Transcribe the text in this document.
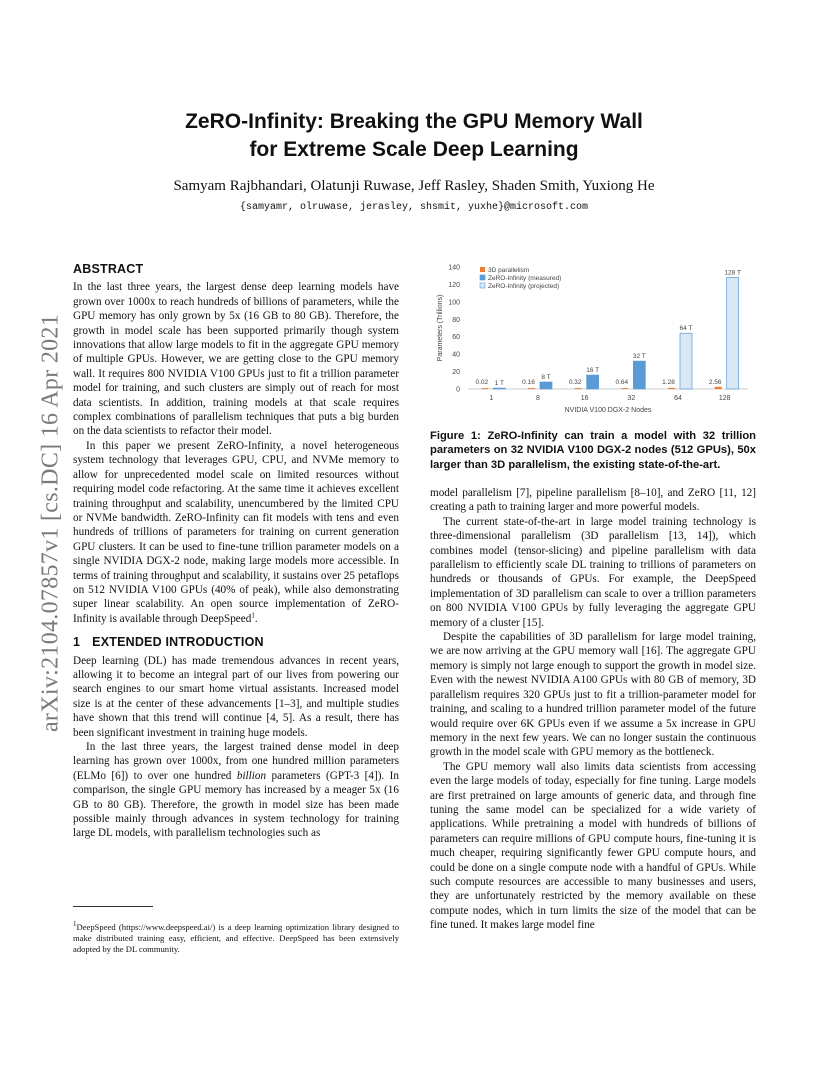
ZeRO-Infinity: Breaking the GPU Memory Wall
for Extreme Scale Deep Learning
Samyam Rajbhandari, Olatunji Ruwase, Jeff Rasley, Shaden Smith, Yuxiong He
{samyamr, olruwase, jerasley, shsmit, yuxhe}@microsoft.com
arXiv:2104.07857v1 [cs.DC] 16 Apr 2021
ABSTRACT

In the last three years, the largest dense deep learning models have grown over 1000x to reach hundreds of billions of parameters, while the GPU memory has only grown by 5x (16 GB to 80 GB). Therefore, the growth in model scale has been supported primarily though system innovations that allow large models to fit in the aggregate GPU memory of multiple GPUs. However, we are getting close to the GPU memory wall. It requires 800 NVIDIA V100 GPUs just to fit a trillion parameter model for training, and such clusters are simply out of reach for most data scientists. In addition, training models at that scale requires complex combinations of parallelism techniques that puts a big burden on the data scientists to refactor their model.

In this paper we present ZeRO-Infinity, a novel heterogeneous system technology that leverages GPU, CPU, and NVMe memory to allow for unprecedented model scale on limited resources without requiring model code refactoring. At the same time it achieves excellent training throughput and scalability, unencumbered by the limited CPU or NVMe bandwidth. ZeRO-Infinity can fit models with tens and even hundreds of trillions of parameters for training on current generation GPU clusters. It can be used to fine-tune trillion parameter models on a single NVIDIA DGX-2 node, making large models more accessible. In terms of training throughput and scalability, it sustains over 25 petaflops on 512 NVIDIA V100 GPUs (40% of peak), while also demonstrating super linear scalability. An open source implementation of ZeRO-Infinity is available through DeepSpeed$^1$.

1 EXTENDED INTRODUCTION

Deep learning (DL) has made tremendous advances in recent years, allowing it to become an integral part of our lives from powering our search engines to our smart home virtual assistants. Increased model size is at the center of these advancements [1–3], and multiple studies have shown that this trend will continue [4, 5]. As a result, there has been significant investment in training huge models.

In the last three years, the largest trained dense model in deep learning has grown over 1000x, from one hundred million parameters (ELMo [6]) to over one hundred billion parameters (GPT-3 [4]). In comparison, the single GPU memory has increased by a meager 5x (16 GB to 80 GB). Therefore, the growth in model size has been made possible mainly through advances in system technology for training large DL models, with parallelism technologies such as

$^1$DeepSpeed (https://www.deepspeed.ai/) is a deep learning optimization library designed to make distributed training easy, efficient, and effective. DeepSpeed has been extensively adopted by the DL community.
0
20
40
60
80
100
120
140
1
0.02 1 T
8
0.16
8 T
16
0.32
16 T
32
0.64
32 T
64
1.28
64 T
128
2.56
128 T
Parameters (Trillions)
NVIDIA V100 DGX-2 Nodes
3D parallelism
ZeRO-Infinity (measured)
ZeRO-Infinity (projected)
Figure 1: ZeRO-Infinity can train a model with 32 trillion parameters on 32 NVIDIA V100 DGX-2 nodes (512 GPUs), 50x larger than 3D parallelism, the existing state-of-the-art.

model parallelism [7], pipeline parallelism [8–10], and ZeRO [11, 12] creating a path to training larger and more powerful models.

The current state-of-the-art in large model training technology is three-dimensional parallelism (3D parallelism [13, 14]), which combines model (tensor-slicing) and pipeline parallelism with data parallelism to efficiently scale DL training to trillions of parameters on hundreds or thousands of GPUs. For example, the DeepSpeed implementation of 3D parallelism can scale to over a trillion parameters on 800 NVIDIA V100 GPUs by fully leveraging the aggregate GPU memory of a cluster [15].

Despite the capabilities of 3D parallelism for large model training, we are now arriving at the GPU memory wall [16]. The aggregate GPU memory is simply not large enough to support the growth in model size. Even with the newest NVIDIA A100 GPUs with 80 GB of memory, 3D parallelism requires 320 GPUs just to fit a trillion-parameter model for training, and scaling to a hundred trillion parameter model of the future would require over 6K GPUs even if we assume a 5x increase in GPU memory in the next few years. We can no longer sustain the continuous growth in the model scale with GPU memory as the bottleneck.

The GPU memory wall also limits data scientists from accessing even the large models of today, especially for fine tuning. Large models are first pretrained on large amounts of generic data, and through fine tuning the same model can be specialized for a wide variety of applications. While pretraining a model with hundreds of billions of parameters can require millions of GPU compute hours, fine-tuning it is much cheaper, requiring significantly fewer GPU compute hours, and could be done on a single compute node with a handful of GPUs. While such compute resources are accessible to many businesses and users, they are unfortunately restricted by the memory available on these compute nodes, which in turn limits the size of the model that can be fine tuned. It makes large model fine
